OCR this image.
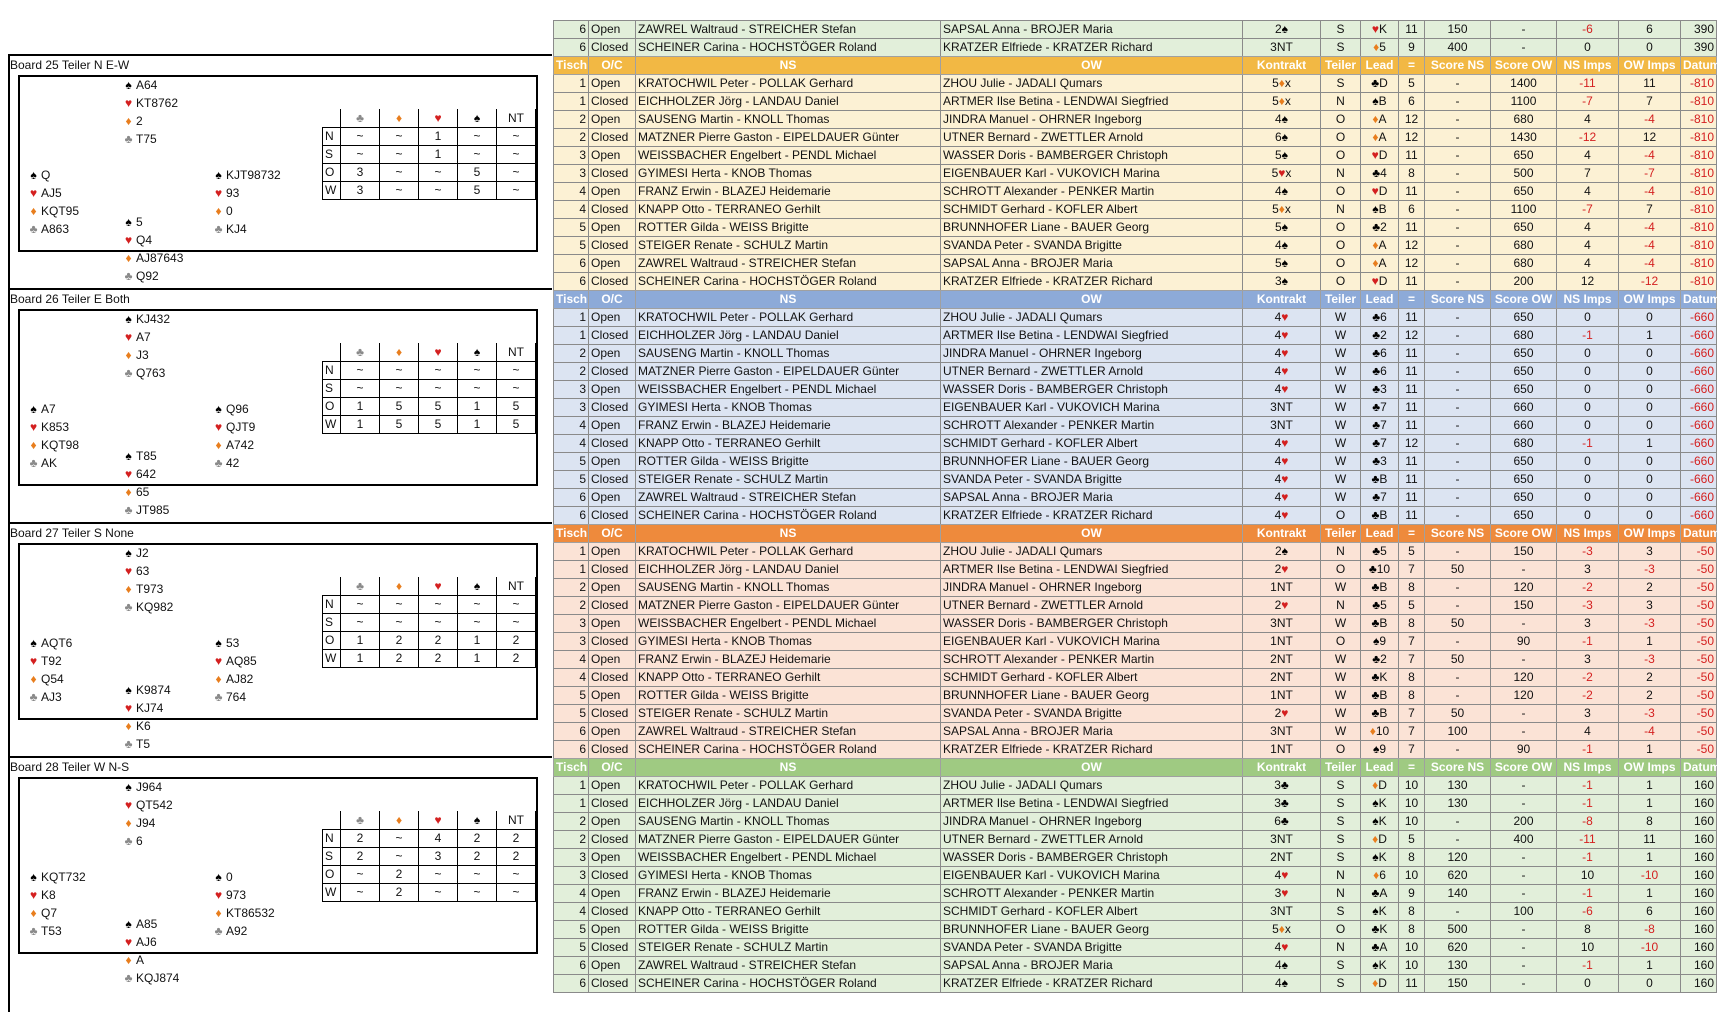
Board 25 Teiler N E-W
♠ A64
♥ KT8762
♦ 2
♣ T75
♠ Q
♥ AJ5
♦ KQT95
♣ A863
♠ KJT98732
♥ 93
♦ 0
♣ KJ4
♠ 5
♥ Q4
♦ AJ87643
♣ Q92
	♣	♦	♥	♠	NT
N	~	~	1	~	~
S	~	~	1	~	~
O	3	~	~	5	~
W	3	~	~	5	~
Board 26 Teiler E Both
♠ KJ432
♥ A7
♦ J3
♣ Q763
♠ A7
♥ K853
♦ KQT98
♣ AK
♠ Q96
♥ QJT9
♦ A742
♣ 42
♠ T85
♥ 642
♦ 65
♣ JT985
	♣	♦	♥	♠	NT
N	~	~	~	~	~
S	~	~	~	~	~
O	1	5	5	1	5
W	1	5	5	1	5
Board 27 Teiler S None
♠ J2
♥ 63
♦ T973
♣ KQ982
♠ AQT6
♥ T92
♦ Q54
♣ AJ3
♠ 53
♥ AQ85
♦ AJ82
♣ 764
♠ K9874
♥ KJ74
♦ K6
♣ T5
	♣	♦	♥	♠	NT
N	~	~	~	~	~
S	~	~	~	~	~
O	1	2	2	1	2
W	1	2	2	1	2
Board 28 Teiler W N-S
♠ J964
♥ QT542
♦ J94
♣ 6
♠ KQT732
♥ K8
♦ Q7
♣ T53
♠ 0
♥ 973
♦ KT86532
♣ A92
♠ A85
♥ AJ6
♦ A
♣ KQJ874
	♣	♦	♥	♠	NT
N	2	~	4	2	2
S	2	~	3	2	2
O	~	2	~	~	~
W	~	2	~	~	~
6	Open	ZAWREL Waltraud - STREICHER Stefan	SAPSAL Anna - BROJER Maria	2♠	S	♥K	11	150	-	-6	6	390
6	Closed	SCHEINER Carina - HOCHSTÖGER Roland	KRATZER Elfriede - KRATZER Richard	3NT	S	♦5	9	400	-	0	0	390
Tisch	O/C	NS	OW	Kontrakt	Teiler	Lead	=	Score NS	Score OW	NS Imps	OW Imps	Datum
1	Open	KRATOCHWIL Peter - POLLAK Gerhard	ZHOU Julie - JADALI Qumars	5♦x	S	♣D	5	-	1400	-11	11	-810
1	Closed	EICHHOLZER Jörg - LANDAU Daniel	ARTMER Ilse Betina - LENDWAI Siegfried	5♦x	N	♠B	6	-	1100	-7	7	-810
2	Open	SAUSENG Martin - KNOLL Thomas	JINDRA Manuel - OHRNER Ingeborg	4♠	O	♦A	12	-	680	4	-4	-810
2	Closed	MATZNER Pierre Gaston - EIPELDAUER Günter	UTNER Bernard - ZWETTLER Arnold	6♠	O	♦A	12	-	1430	-12	12	-810
3	Open	WEISSBACHER Engelbert - PENDL Michael	WASSER Doris - BAMBERGER Christoph	5♠	O	♥D	11	-	650	4	-4	-810
3	Closed	GYIMESI Herta - KNOB Thomas	EIGENBAUER Karl - VUKOVICH Marina	5♥x	N	♣4	8	-	500	7	-7	-810
4	Open	FRANZ Erwin - BLAZEJ Heidemarie	SCHROTT Alexander - PENKER Martin	4♠	O	♥D	11	-	650	4	-4	-810
4	Closed	KNAPP Otto - TERRANEO Gerhilt	SCHMIDT Gerhard - KOFLER Albert	5♦x	N	♠B	6	-	1100	-7	7	-810
5	Open	ROTTER Gilda - WEISS Brigitte	BRUNNHOFER Liane - BAUER Georg	5♠	O	♣2	11	-	650	4	-4	-810
5	Closed	STEIGER Renate - SCHULZ Martin	SVANDA Peter - SVANDA Brigitte	4♠	O	♦A	12	-	680	4	-4	-810
6	Open	ZAWREL Waltraud - STREICHER Stefan	SAPSAL Anna - BROJER Maria	5♠	O	♦A	12	-	680	4	-4	-810
6	Closed	SCHEINER Carina - HOCHSTÖGER Roland	KRATZER Elfriede - KRATZER Richard	3♠	O	♥D	11	-	200	12	-12	-810
Tisch	O/C	NS	OW	Kontrakt	Teiler	Lead	=	Score NS	Score OW	NS Imps	OW Imps	Datum
1	Open	KRATOCHWIL Peter - POLLAK Gerhard	ZHOU Julie - JADALI Qumars	4♥	W	♣6	11	-	650	0	0	-660
1	Closed	EICHHOLZER Jörg - LANDAU Daniel	ARTMER Ilse Betina - LENDWAI Siegfried	4♥	W	♣2	12	-	680	-1	1	-660
2	Open	SAUSENG Martin - KNOLL Thomas	JINDRA Manuel - OHRNER Ingeborg	4♥	W	♣6	11	-	650	0	0	-660
2	Closed	MATZNER Pierre Gaston - EIPELDAUER Günter	UTNER Bernard - ZWETTLER Arnold	4♥	W	♣6	11	-	650	0	0	-660
3	Open	WEISSBACHER Engelbert - PENDL Michael	WASSER Doris - BAMBERGER Christoph	4♥	W	♣3	11	-	650	0	0	-660
3	Closed	GYIMESI Herta - KNOB Thomas	EIGENBAUER Karl - VUKOVICH Marina	3NT	W	♣7	11	-	660	0	0	-660
4	Open	FRANZ Erwin - BLAZEJ Heidemarie	SCHROTT Alexander - PENKER Martin	3NT	W	♣7	11	-	660	0	0	-660
4	Closed	KNAPP Otto - TERRANEO Gerhilt	SCHMIDT Gerhard - KOFLER Albert	4♥	W	♣7	12	-	680	-1	1	-660
5	Open	ROTTER Gilda - WEISS Brigitte	BRUNNHOFER Liane - BAUER Georg	4♥	W	♣3	11	-	650	0	0	-660
5	Closed	STEIGER Renate - SCHULZ Martin	SVANDA Peter - SVANDA Brigitte	4♥	W	♣B	11	-	650	0	0	-660
6	Open	ZAWREL Waltraud - STREICHER Stefan	SAPSAL Anna - BROJER Maria	4♥	W	♣7	11	-	650	0	0	-660
6	Closed	SCHEINER Carina - HOCHSTÖGER Roland	KRATZER Elfriede - KRATZER Richard	4♥	O	♣B	11	-	650	0	0	-660
Tisch	O/C	NS	OW	Kontrakt	Teiler	Lead	=	Score NS	Score OW	NS Imps	OW Imps	Datum
1	Open	KRATOCHWIL Peter - POLLAK Gerhard	ZHOU Julie - JADALI Qumars	2♠	N	♣5	5	-	150	-3	3	-50
1	Closed	EICHHOLZER Jörg - LANDAU Daniel	ARTMER Ilse Betina - LENDWAI Siegfried	2♥	O	♣10	7	50	-	3	-3	-50
2	Open	SAUSENG Martin - KNOLL Thomas	JINDRA Manuel - OHRNER Ingeborg	1NT	W	♣B	8	-	120	-2	2	-50
2	Closed	MATZNER Pierre Gaston - EIPELDAUER Günter	UTNER Bernard - ZWETTLER Arnold	2♥	N	♣5	5	-	150	-3	3	-50
3	Open	WEISSBACHER Engelbert - PENDL Michael	WASSER Doris - BAMBERGER Christoph	3NT	W	♣B	8	50	-	3	-3	-50
3	Closed	GYIMESI Herta - KNOB Thomas	EIGENBAUER Karl - VUKOVICH Marina	1NT	O	♠9	7	-	90	-1	1	-50
4	Open	FRANZ Erwin - BLAZEJ Heidemarie	SCHROTT Alexander - PENKER Martin	2NT	W	♣2	7	50	-	3	-3	-50
4	Closed	KNAPP Otto - TERRANEO Gerhilt	SCHMIDT Gerhard - KOFLER Albert	2NT	W	♣K	8	-	120	-2	2	-50
5	Open	ROTTER Gilda - WEISS Brigitte	BRUNNHOFER Liane - BAUER Georg	1NT	W	♣B	8	-	120	-2	2	-50
5	Closed	STEIGER Renate - SCHULZ Martin	SVANDA Peter - SVANDA Brigitte	2♥	W	♣B	7	50	-	3	-3	-50
6	Open	ZAWREL Waltraud - STREICHER Stefan	SAPSAL Anna - BROJER Maria	3NT	W	♦10	7	100	-	4	-4	-50
6	Closed	SCHEINER Carina - HOCHSTÖGER Roland	KRATZER Elfriede - KRATZER Richard	1NT	O	♠9	7	-	90	-1	1	-50
Tisch	O/C	NS	OW	Kontrakt	Teiler	Lead	=	Score NS	Score OW	NS Imps	OW Imps	Datum
1	Open	KRATOCHWIL Peter - POLLAK Gerhard	ZHOU Julie - JADALI Qumars	3♣	S	♦D	10	130	-	-1	1	160
1	Closed	EICHHOLZER Jörg - LANDAU Daniel	ARTMER Ilse Betina - LENDWAI Siegfried	3♣	S	♠K	10	130	-	-1	1	160
2	Open	SAUSENG Martin - KNOLL Thomas	JINDRA Manuel - OHRNER Ingeborg	6♣	S	♠K	10	-	200	-8	8	160
2	Closed	MATZNER Pierre Gaston - EIPELDAUER Günter	UTNER Bernard - ZWETTLER Arnold	3NT	S	♦D	5	-	400	-11	11	160
3	Open	WEISSBACHER Engelbert - PENDL Michael	WASSER Doris - BAMBERGER Christoph	2NT	S	♠K	8	120	-	-1	1	160
3	Closed	GYIMESI Herta - KNOB Thomas	EIGENBAUER Karl - VUKOVICH Marina	4♥	N	♦6	10	620	-	10	-10	160
4	Open	FRANZ Erwin - BLAZEJ Heidemarie	SCHROTT Alexander - PENKER Martin	3♥	N	♣A	9	140	-	-1	1	160
4	Closed	KNAPP Otto - TERRANEO Gerhilt	SCHMIDT Gerhard - KOFLER Albert	3NT	S	♠K	8	-	100	-6	6	160
5	Open	ROTTER Gilda - WEISS Brigitte	BRUNNHOFER Liane - BAUER Georg	5♦x	O	♣K	8	500	-	8	-8	160
5	Closed	STEIGER Renate - SCHULZ Martin	SVANDA Peter - SVANDA Brigitte	4♥	N	♣A	10	620	-	10	-10	160
6	Open	ZAWREL Waltraud - STREICHER Stefan	SAPSAL Anna - BROJER Maria	4♠	S	♠K	10	130	-	-1	1	160
6	Closed	SCHEINER Carina - HOCHSTÖGER Roland	KRATZER Elfriede - KRATZER Richard	4♠	S	♦D	11	150	-	0	0	160
